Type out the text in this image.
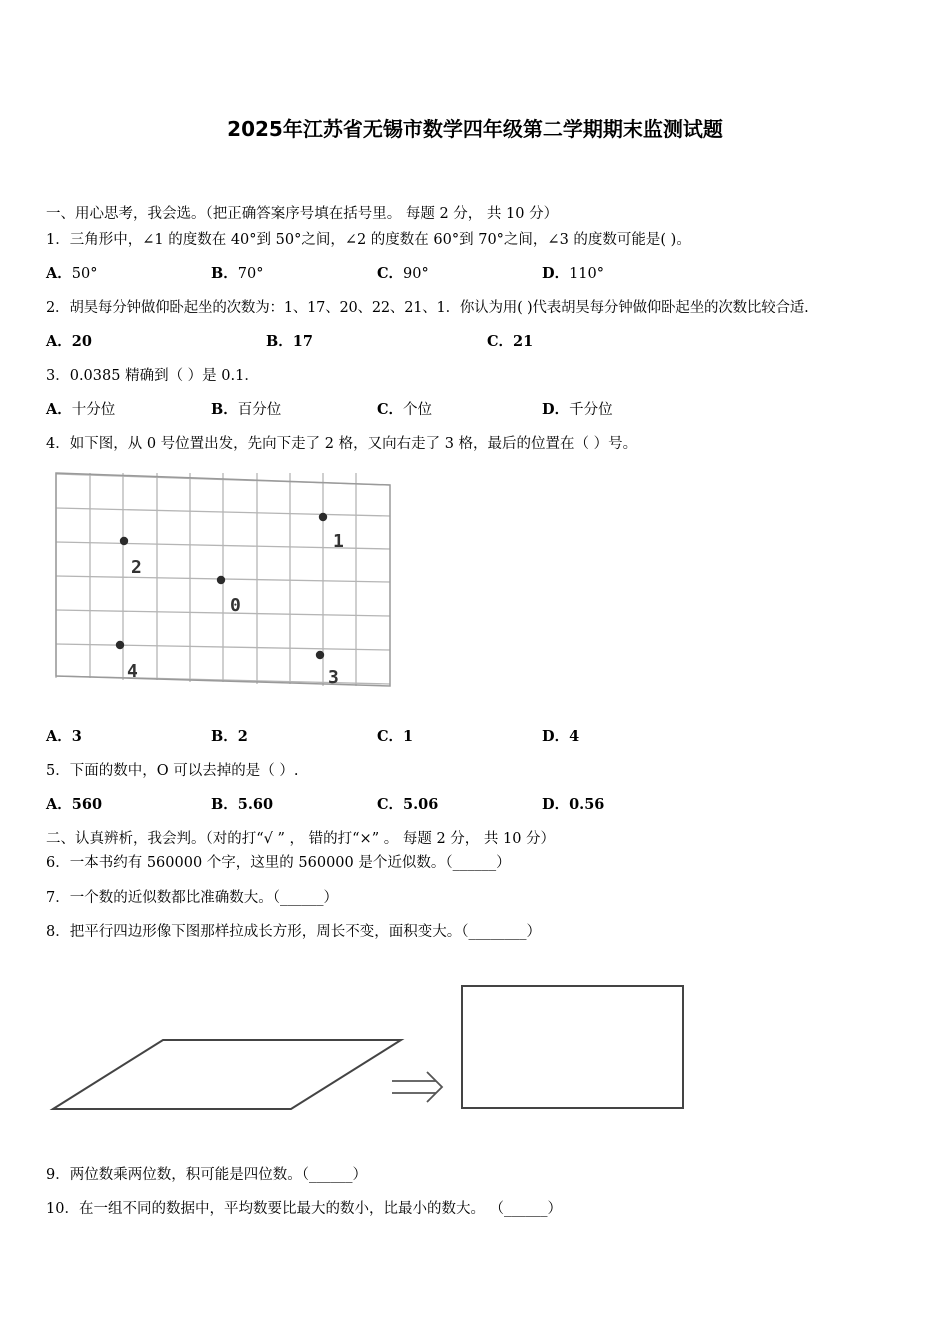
2025年江苏省无锡市数学四年级第二学期期末监测试题
一、用心思考，我会选。（把正确答案序号填在括号里。 每题 2 分， 共 10 分）
1．三角形中，∠1 的度数在 40°到 50°之间，∠2 的度数在 60°到 70°之间，∠3 的度数可能是( )。
A．50°	B．70°	C．90°	D．110°
2．胡昊每分钟做仰卧起坐的次数为：1、17、20、22、21、1．你认为用( )代表胡昊每分钟做仰卧起坐的次数比较合适.
A．20	B．17	C．21
3．0.0385 精确到（ ）是 0.1．
A．十分位	B．百分位	C．个位	D．千分位
4．如下图，从 0 号位置出发，先向下走了 2 格，又向右走了 3 格，最后的位置在（ ）号。
1
2
0
4	3
A．3	B．2	C．1	D．4
5．下面的数中，O 可以去掉的是（ ）.
A．560	B．5.60	C．5.06	D．0.56
二、认真辨析，我会判。（对的打“√ ” ， 错的打“×” 。 每题 2 分， 共 10 分）
6．一本书约有 560000 个字，这里的 560000 是个近似数。（______）
7．一个数的近似数都比准确数大。（______）
8．把平行四边形像下图那样拉成长方形，周长不变，面积变大。（________）
9．两位数乘两位数，积可能是四位数。（______）
10．在一组不同的数据中，平均数要比最大的数小，比最小的数大。 （______）
